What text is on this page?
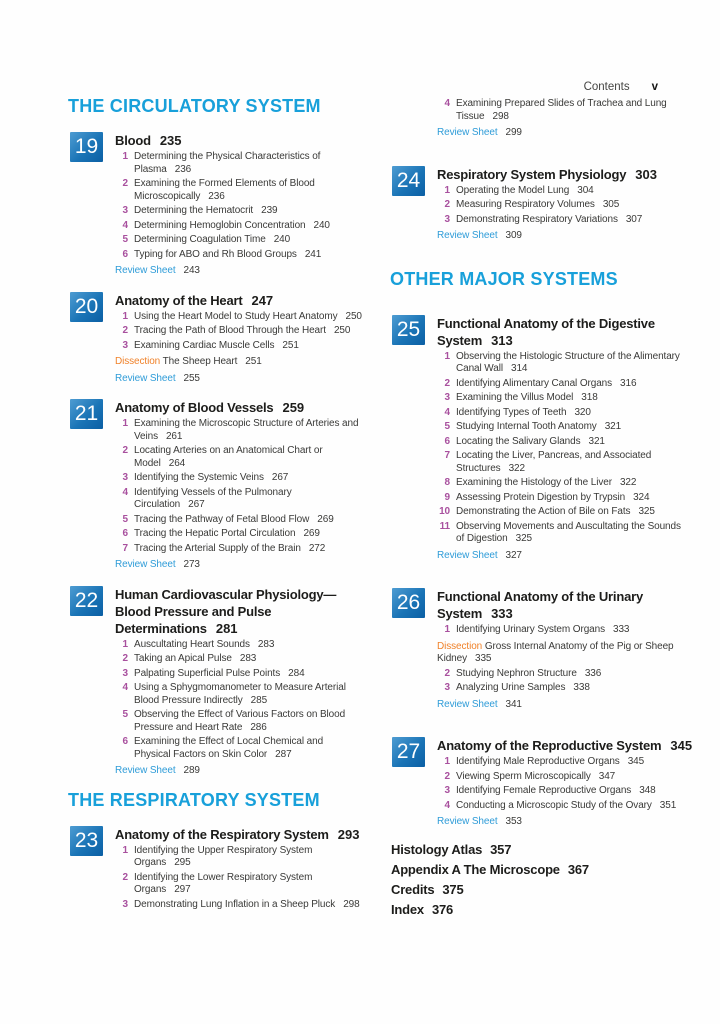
Contents v
THE CIRCULATORY SYSTEM
19	Blood 235
1 Determining the Physical Characteristics of Plasma 236
2 Examining the Formed Elements of Blood Microscopically 236
3 Determining the Hematocrit 239
4 Determining Hemoglobin Concentration 240
5 Determining Coagulation Time 240
6 Typing for ABO and Rh Blood Groups 241
Review Sheet 243
20	Anatomy of the Heart 247
1 Using the Heart Model to Study Heart Anatomy 250
2 Tracing the Path of Blood Through the Heart 250
3 Examining Cardiac Muscle Cells 251
Dissection The Sheep Heart 251
Review Sheet 255
21	Anatomy of Blood Vessels 259
1 Examining the Microscopic Structure of Arteries and Veins 261
2 Locating Arteries on an Anatomical Chart or Model 264
3 Identifying the Systemic Veins 267
4 Identifying Vessels of the Pulmonary Circulation 267
5 Tracing the Pathway of Fetal Blood Flow 269
6 Tracing the Hepatic Portal Circulation 269
7 Tracing the Arterial Supply of the Brain 272
Review Sheet 273
22	Human Cardiovascular Physiology—
Blood Pressure and Pulse
Determinations 281
1 Auscultating Heart Sounds 283
2 Taking an Apical Pulse 283
3 Palpating Superficial Pulse Points 284
4 Using a Sphygmomanometer to Measure Arterial Blood Pressure Indirectly 285
5 Observing the Effect of Various Factors on Blood Pressure and Heart Rate 286
6 Examining the Effect of Local Chemical and Physical Factors on Skin Color 287
Review Sheet 289
THE RESPIRATORY SYSTEM
23	Anatomy of the Respiratory System 293
1 Identifying the Upper Respiratory System Organs 295
2 Identifying the Lower Respiratory System Organs 297
3 Demonstrating Lung Inflation in a Sheep Pluck 298
4 Examining Prepared Slides of Trachea and Lung Tissue 298
Review Sheet 299
24	Respiratory System Physiology 303
1 Operating the Model Lung 304
2 Measuring Respiratory Volumes 305
3 Demonstrating Respiratory Variations 307
Review Sheet 309
OTHER MAJOR SYSTEMS
25	Functional Anatomy of the Digestive
System 313
1 Observing the Histologic Structure of the Alimentary Canal Wall 314
2 Identifying Alimentary Canal Organs 316
3 Examining the Villus Model 318
4 Identifying Types of Teeth 320
5 Studying Internal Tooth Anatomy 321
6 Locating the Salivary Glands 321
7 Locating the Liver, Pancreas, and Associated Structures 322
8 Examining the Histology of the Liver 322
9 Assessing Protein Digestion by Trypsin 324
10 Demonstrating the Action of Bile on Fats 325
11 Observing Movements and Auscultating the Sounds of Digestion 325
Review Sheet 327
26	Functional Anatomy of the Urinary
System 333
1 Identifying Urinary System Organs 333
Dissection Gross Internal Anatomy of the Pig or Sheep Kidney 335
2 Studying Nephron Structure 336
3 Analyzing Urine Samples 338
Review Sheet 341
27	Anatomy of the Reproductive System 345
1 Identifying Male Reproductive Organs 345
2 Viewing Sperm Microscopically 347
3 Identifying Female Reproductive Organs 348
4 Conducting a Microscopic Study of the Ovary 351
Review Sheet 353
Histology Atlas 357
Appendix A The Microscope 367
Credits 375
Index 376
